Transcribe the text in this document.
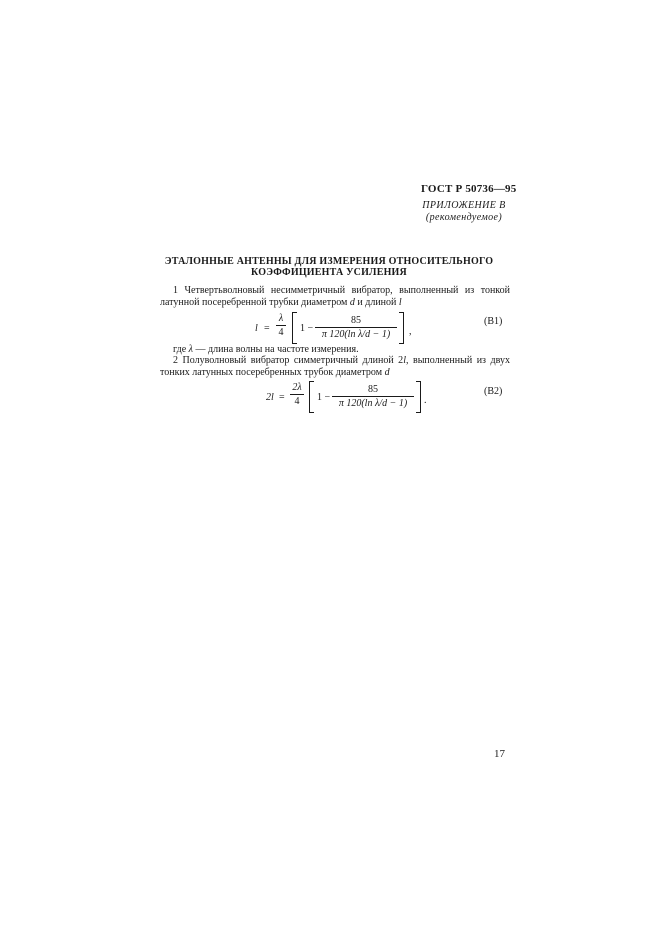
ГОСТ Р 50736—95
ПРИЛОЖЕНИЕ В
(рекомендуемое)
ЭТАЛОННЫЕ АНТЕННЫ ДЛЯ ИЗМЕРЕНИЯ ОТНОСИТЕЛЬНОГО
КОЭФФИЦИЕНТА УСИЛЕНИЯ
1 Четвертьволновый несимметричный вибратор, выполненный из тонкой латунной посеребренной трубки диаметром d и длиной l
l =
λ
4 1 −
85
π 120(ln λ/d − 1)	,
(В1)
где λ — длина волны на частоте измерения.
2 Полуволновый вибратор симметричный длиной 2l, выполненный из двух тонких латунных посеребренных трубок диаметром d
2l =
2λ
4	1 −
85
π 120(ln λ/d − 1)	.
(В2)
17
